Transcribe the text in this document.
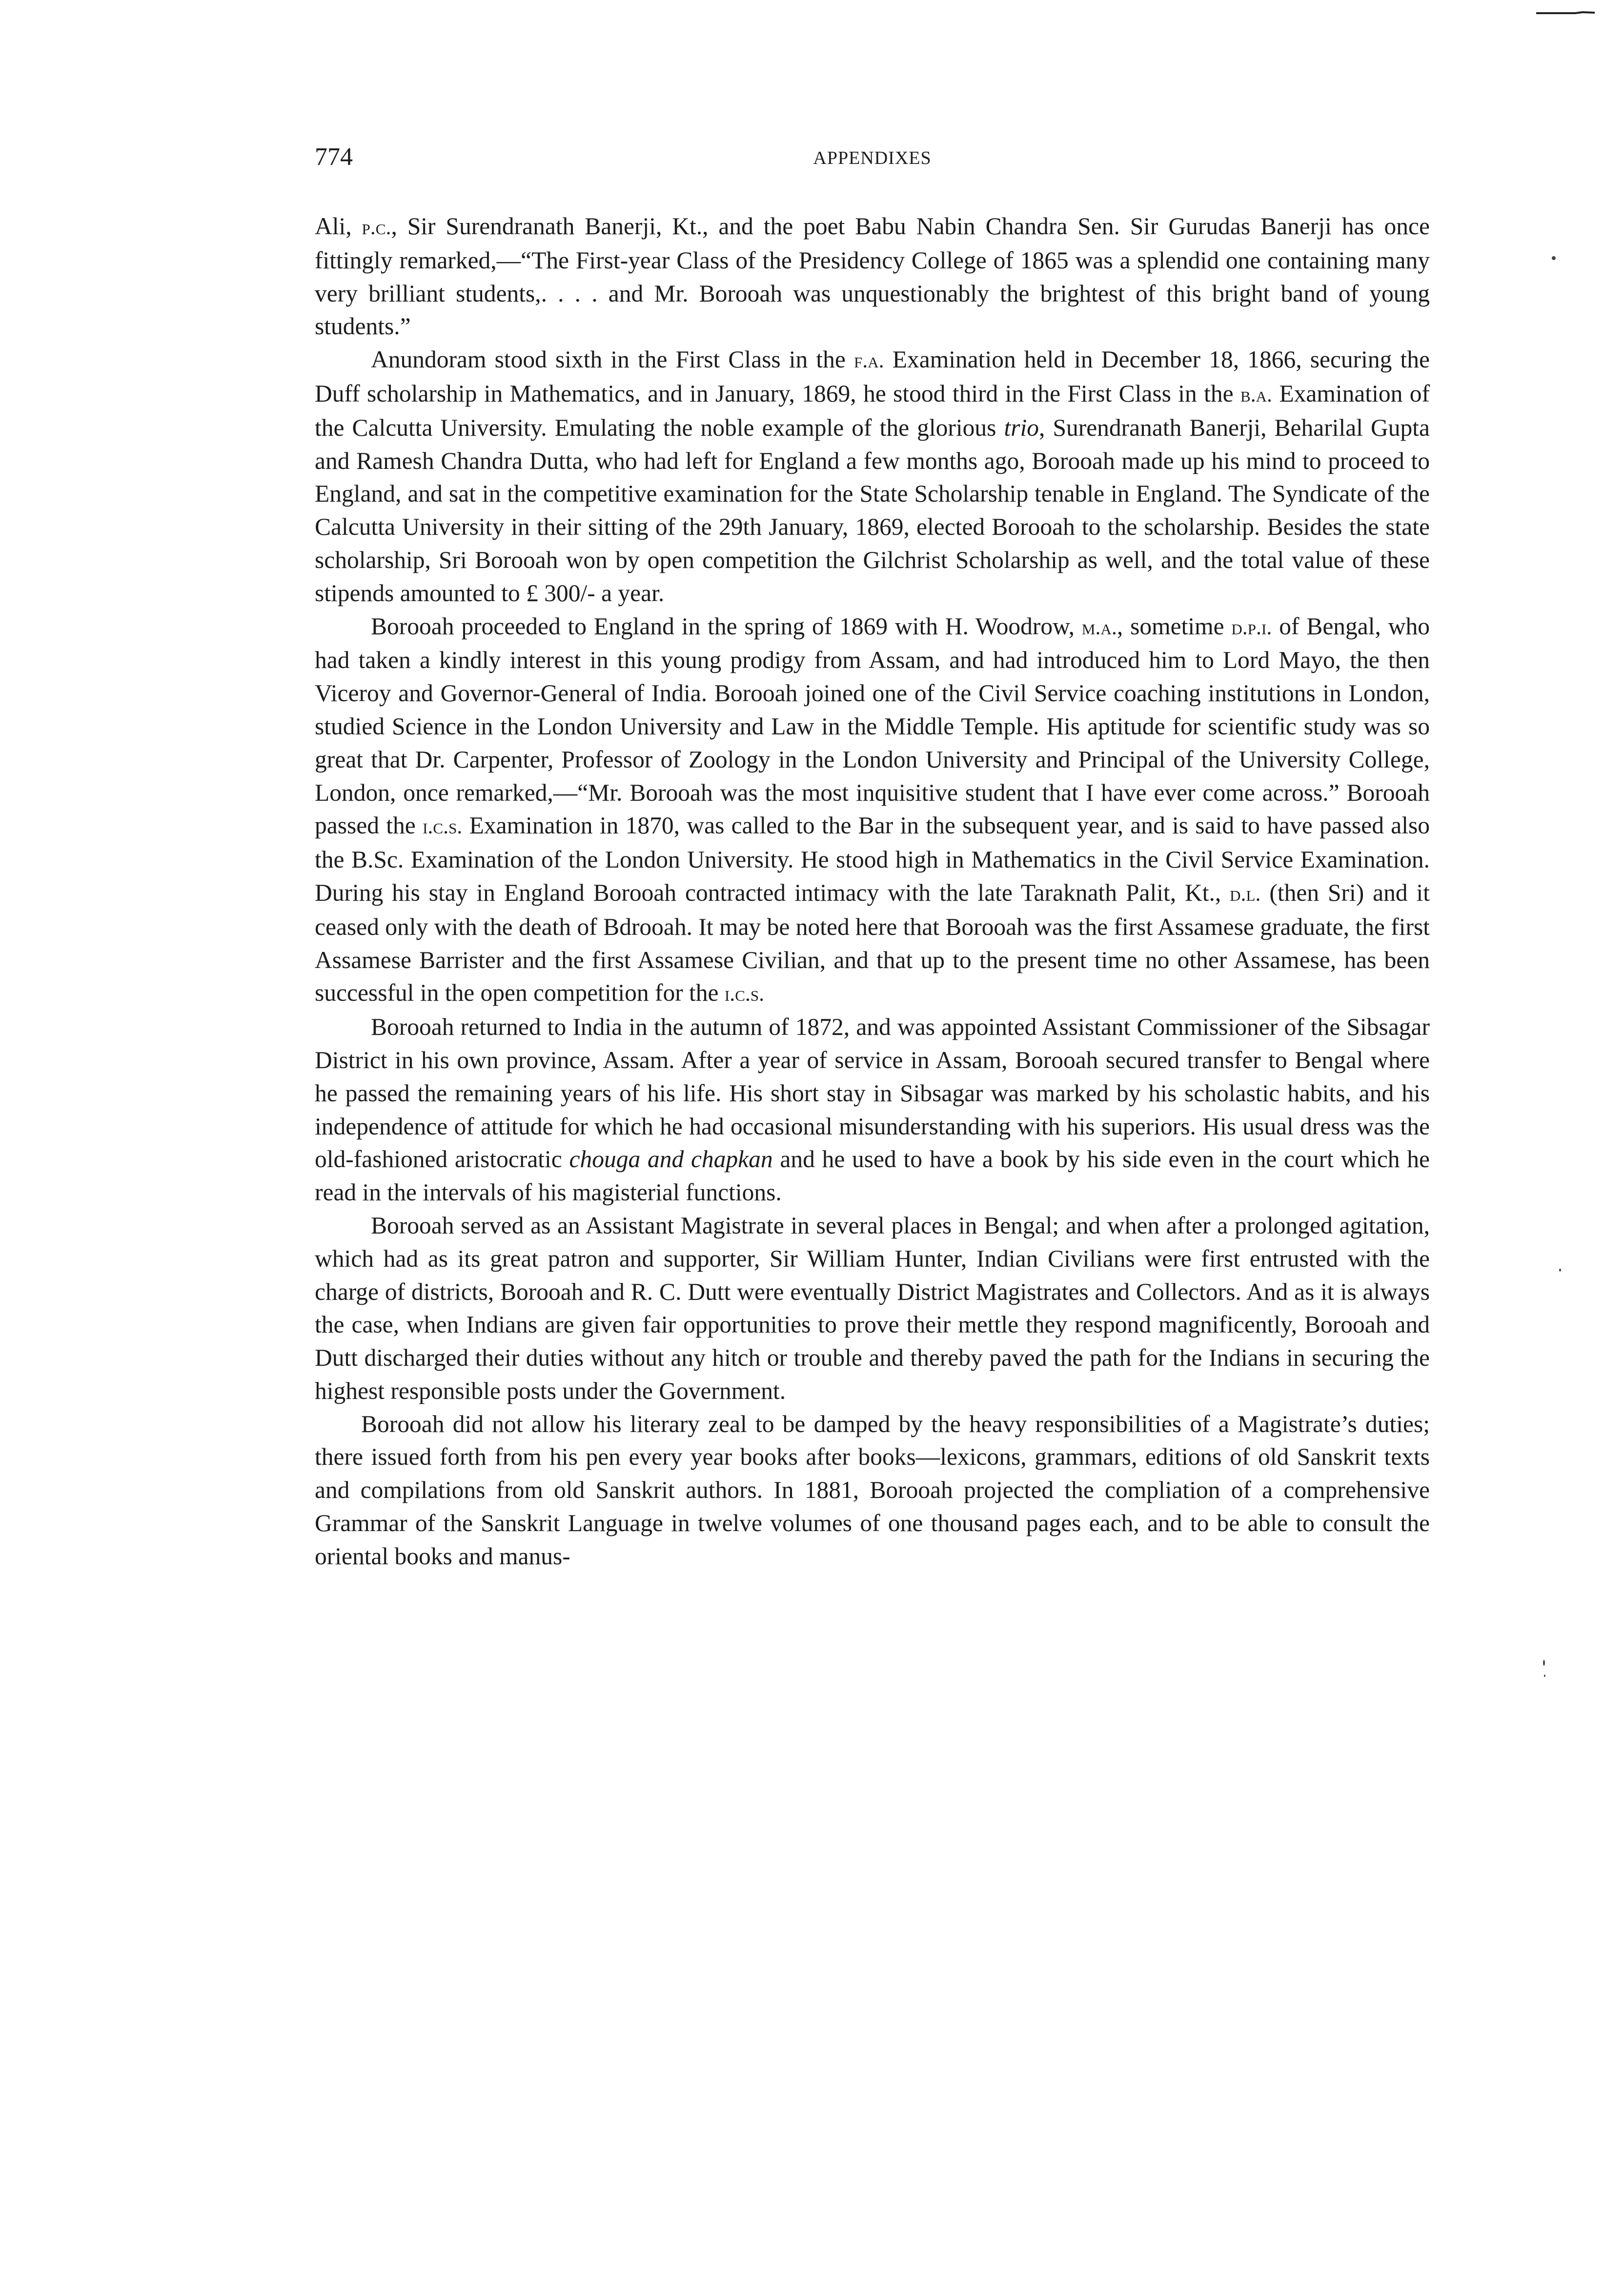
774	APPENDIXES

Ali, p.c., Sir Surendranath Banerji, Kt., and the poet Babu Nabin Chandra Sen. Sir Gurudas Banerji has once fittingly remarked,—“The First-year Class of the Presidency College of 1865 was a splendid one containing many very brilliant students,. . . . and Mr. Borooah was unquestionably the brightest of this bright band of young students.”

Anundoram stood sixth in the First Class in the f.a. Examination held in December 18, 1866, securing the Duff scholarship in Mathematics, and in January, 1869, he stood third in the First Class in the b.a. Examination of the Calcutta University. Emulating the noble example of the glorious trio, Surendranath Banerji, Beharilal Gupta and Ramesh Chandra Dutta, who had left for England a few months ago, Borooah made up his mind to proceed to England, and sat in the competitive examination for the State Scholarship tenable in England. The Syndicate of the Calcutta University in their sitting of the 29th January, 1869, elected Borooah to the scholarship. Besides the state scholarship, Sri Borooah won by open competition the Gilchrist Scholarship as well, and the total value of these stipends amounted to £ 300/- a year.

Borooah proceeded to England in the spring of 1869 with H. Woodrow, m.a., sometime d.p.i. of Bengal, who had taken a kindly interest in this young prodigy from Assam, and had introduced him to Lord Mayo, the then Viceroy and Governor-General of India. Borooah joined one of the Civil Service coaching institutions in London, studied Science in the London University and Law in the Middle Temple. His aptitude for scientific study was so great that Dr. Carpenter, Professor of Zoology in the London University and Principal of the University College, London, once remarked,—“Mr. Borooah was the most inquisitive student that I have ever come across.” Borooah passed the i.c.s. Examination in 1870, was called to the Bar in the subsequent year, and is said to have passed also the B.Sc. Examination of the London University. He stood high in Mathematics in the Civil Service Examination. During his stay in England Borooah contracted intimacy with the late Taraknath Palit, Kt., d.l. (then Sri) and it ceased only with the death of Bdrooah. It may be noted here that Borooah was the first Assamese graduate, the first Assamese Barrister and the first Assamese Civilian, and that up to the present time no other Assamese, has been successful in the open competition for the i.c.s.

Borooah returned to India in the autumn of 1872, and was appointed Assistant Commissioner of the Sibsagar District in his own province, Assam. After a year of service in Assam, Borooah secured transfer to Bengal where he passed the remaining years of his life. His short stay in Sibsagar was marked by his scholastic habits, and his independence of attitude for which he had occasional misunderstanding with his superiors. His usual dress was the old-fashioned aristocratic chouga and chapkan and he used to have a book by his side even in the court which he read in the intervals of his magisterial functions.

Borooah served as an Assistant Magistrate in several places in Bengal; and when after a prolonged agitation, which had as its great patron and supporter, Sir William Hunter, Indian Civilians were first entrusted with the charge of districts, Borooah and R. C. Dutt were eventually District Magistrates and Collectors. And as it is always the case, when Indians are given fair opportunities to prove their mettle they respond magnificently, Borooah and Dutt discharged their duties without any hitch or trouble and thereby paved the path for the Indians in securing the highest responsible posts under the Government.

Borooah did not allow his literary zeal to be damped by the heavy responsibilities of a Magistrate’s duties; there issued forth from his pen every year books after books—lexicons, grammars, editions of old Sanskrit texts and compilations from old Sanskrit authors. In 1881, Borooah projected the compliation of a comprehensive Grammar of the Sanskrit Language in twelve volumes of one thousand pages each, and to be able to consult the oriental books and manus-
